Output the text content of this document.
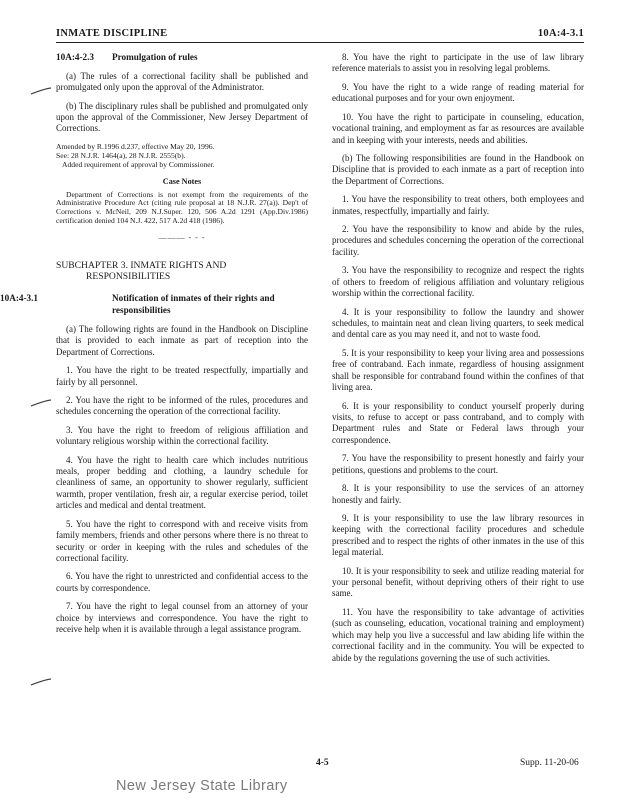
INMATE DISCIPLINE	10A:4-3.1
10A:4-2.3 Promulgation of rules

(a) The rules of a correctional facility shall be published and promulgated only upon the approval of the Administrator.

(b) The disciplinary rules shall be published and promulgated only upon the approval of the Commissioner, New Jersey Department of Corrections.

Amended by R.1996 d.237, effective May 20, 1996.
See: 28 N.J.R. 1464(a), 28 N.J.R. 2555(b).
Added requirement of approval by Commissioner.
Case Notes

Department of Corrections is not exempt from the requirements of the Administrative Procedure Act (citing rule proposal at 18 N.J.R. 27(a)). Dep't of Corrections v. McNeil, 209 N.J.Super. 120, 506 A.2d 1291 (App.Div.1986) certification denied 104 N.J. 422, 517 A.2d 418 (1986).

——— - - -
SUBCHAPTER 3. INMATE RIGHTS AND
RESPONSIBILITIES
10A:4-3.1	Notification of inmates of their rights and responsibilities

(a) The following rights are found in the Handbook on Discipline that is provided to each inmate as part of reception into the Department of Corrections.

1. You have the right to be treated respectfully, impartially and fairly by all personnel.

2. You have the right to be informed of the rules, procedures and schedules concerning the operation of the correctional facility.

3. You have the right to freedom of religious affiliation and voluntary religious worship within the correctional facility.

4. You have the right to health care which includes nutritious meals, proper bedding and clothing, a laundry schedule for cleanliness of same, an opportunity to shower regularly, sufficient warmth, proper ventilation, fresh air, a regular exercise period, toilet articles and medical and dental treatment.

5. You have the right to correspond with and receive visits from family members, friends and other persons where there is no threat to security or order in keeping with the rules and schedules of the correctional facility.

6. You have the right to unrestricted and confidential access to the courts by correspondence.

7. You have the right to legal counsel from an attorney of your choice by interviews and correspondence. You have the right to receive help when it is available through a legal assistance program.

8. You have the right to participate in the use of law library reference materials to assist you in resolving legal problems.

9. You have the right to a wide range of reading material for educational purposes and for your own enjoyment.

10. You have the right to participate in counseling, education, vocational training, and employment as far as resources are available and in keeping with your interests, needs and abilities.

(b) The following responsibilities are found in the Handbook on Discipline that is provided to each inmate as a part of reception into the Department of Corrections.

1. You have the responsibility to treat others, both employees and inmates, respectfully, impartially and fairly.

2. You have the responsibility to know and abide by the rules, procedures and schedules concerning the operation of the correctional facility.

3. You have the responsibility to recognize and respect the rights of others to freedom of religious affiliation and voluntary religious worship within the correctional facility.

4. It is your responsibility to follow the laundry and shower schedules, to maintain neat and clean living quarters, to seek medical and dental care as you may need it, and not to waste food.

5. It is your responsibility to keep your living area and possessions free of contraband. Each inmate, regardless of housing assignment shall be responsible for contraband found within the confines of that living area.

6. It is your responsibility to conduct yourself properly during visits, to refuse to accept or pass contraband, and to comply with Department rules and State or Federal laws through your correspondence.

7. You have the responsibility to present honestly and fairly your petitions, questions and problems to the court.

8. It is your responsibility to use the services of an attorney honestly and fairly.

9. It is your responsibility to use the law library resources in keeping with the correctional facility procedures and schedule prescribed and to respect the rights of other inmates in the use of this legal material.

10. It is your responsibility to seek and utilize reading material for your personal benefit, without depriving others of their right to use same.

11. You have the responsibility to take advantage of activities (such as counseling, education, vocational training and employment) which may help you live a successful and law abiding life within the correctional facility and in the community. You will be expected to abide by the regulations governing the use of such activities.

4-5	Supp. 11-20-06
New Jersey State Library
